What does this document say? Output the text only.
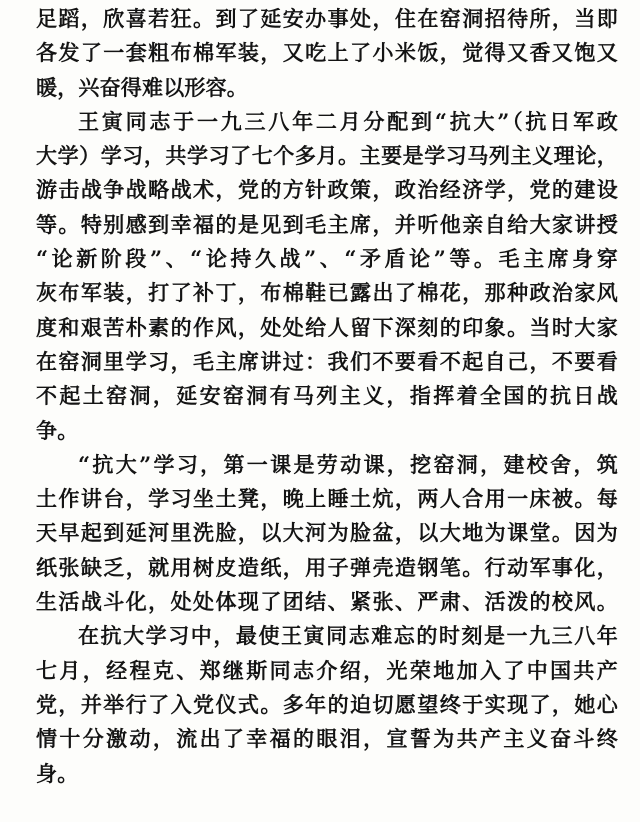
足蹈，欣喜若狂。到了延安办事处，住在窑洞招待所，当即
各发了一套粗布棉军装，又吃上了小米饭，觉得又香又饱又
暖，兴奋得难以形容。
王寅同志于一九三八年二月分配到“抗大”（抗日军政
大学）学习，共学习了七个多月。主要是学习马列主义理论，
游击战争战略战术，党的方针政策，政治经济学，党的建设
等。特别感到幸福的是见到毛主席，并听他亲自给大家讲授
“论新阶段”、“论持久战”、“矛盾论”等。毛主席身穿
灰布军装，打了补丁，布棉鞋已露出了棉花，那种政治家风
度和艰苦朴素的作风，处处给人留下深刻的印象。当时大家
在窑洞里学习，毛主席讲过：我们不要看不起自己，不要看
不起土窑洞，延安窑洞有马列主义，指挥着全国的抗日战
争。
“抗大”学习，第一课是劳动课，挖窑洞，建校舍，筑
土作讲台，学习坐土凳，晚上睡土炕，两人合用一床被。每
天早起到延河里洗脸，以大河为脸盆，以大地为课堂。因为
纸张缺乏，就用树皮造纸，用子弹壳造钢笔。行动军事化，
生活战斗化，处处体现了团结、紧张、严肃、活泼的校风。
在抗大学习中，最使王寅同志难忘的时刻是一九三八年
七月，经程克、郑继斯同志介绍，光荣地加入了中国共产
党，并举行了入党仪式。多年的迫切愿望终于实现了，她心
情十分激动，流出了幸福的眼泪，宣誓为共产主义奋斗终
身。
